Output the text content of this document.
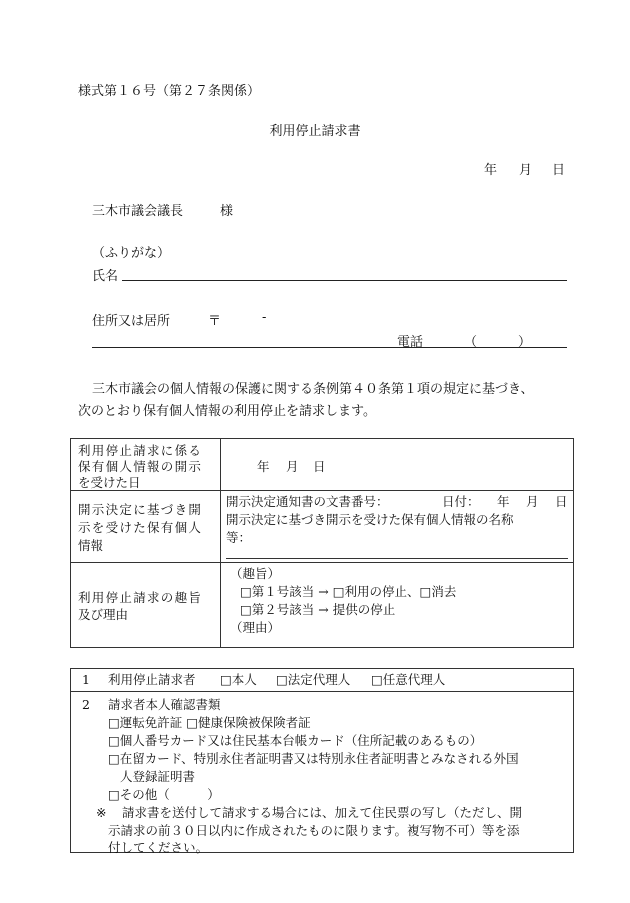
様式第１６号（第２７条関係）
利用停止請求書
年 月 日
三木市議会議長	様
（ふりがな）
氏名
住所又は居所	〒	-
電話	（	）
三木市議会の個人情報の保護に関する条例第４０条第１項の規定に基づき、
次のとおり保有個人情報の利用停止を請求します。
利用停止請求に係る
保有個人情報の開示
を受けた日
年 月 日
開示決定に基づき開
示を受けた保有個人
情報
開示決定通知書の文書番号：	日付： 年 月 日
開示決定に基づき開示を受けた保有個人情報の名称
等：
利用停止請求の趣旨
及び理由
（趣旨）
□第１号該当 → □利用の停止、□消去
□第２号該当 → 提供の停止
（理由）
1 利用停止請求者 □本人 □法定代理人 □任意代理人
2 請求者本人確認書類
□運転免許証 □健康保険被保険者証
□個人番号カード又は住民基本台帳カード（住所記載のあるもの）
□在留カード、特別永住者証明書又は特別永住者証明書とみなされる外国
人登録証明書
□その他（　　　）
※ 請求書を送付して請求する場合には、加えて住民票の写し（ただし、開
示請求の前３０日以内に作成されたものに限ります。複写物不可）等を添
付してください。
